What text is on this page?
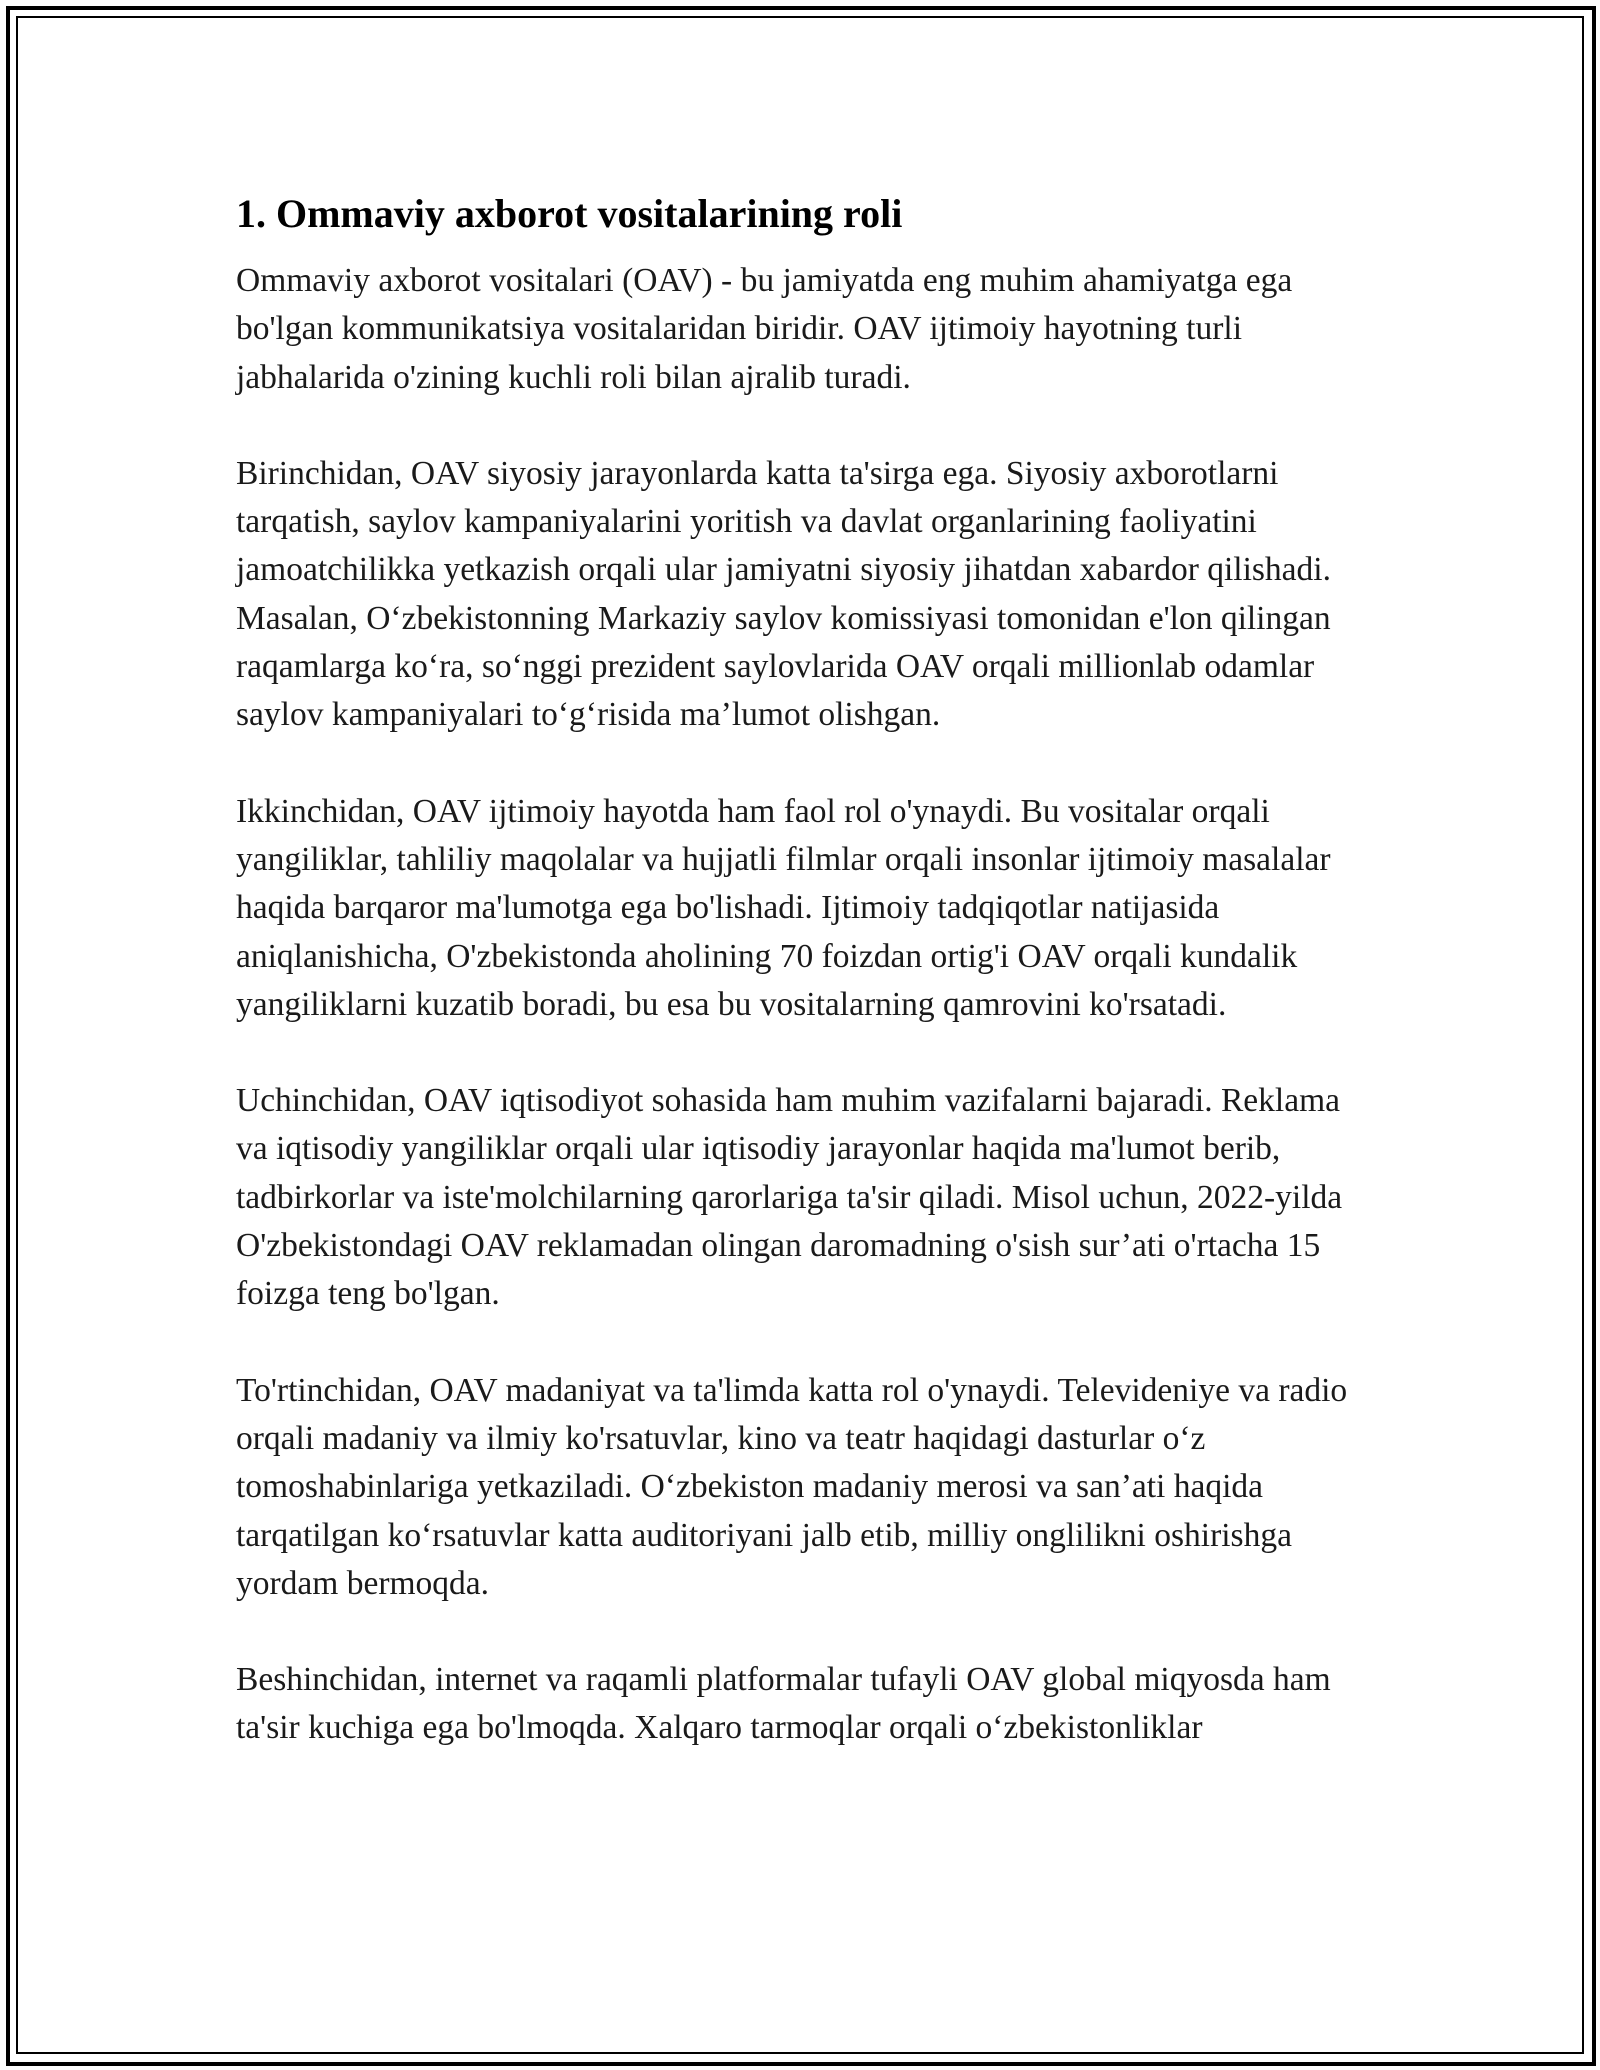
1. Ommaviy axborot vositalarining roli

Ommaviy axborot vositalari (OAV) - bu jamiyatda eng muhim ahamiyatga ega bo'lgan kommunikatsiya vositalaridan biridir. OAV ijtimoiy hayotning turli jabhalarida o'zining kuchli roli bilan ajralib turadi.

Birinchidan, OAV siyosiy jarayonlarda katta ta'sirga ega. Siyosiy axborotlarni tarqatish, saylov kampaniyalarini yoritish va davlat organlarining faoliyatini jamoatchilikka yetkazish orqali ular jamiyatni siyosiy jihatdan xabardor qilishadi. Masalan, O‘zbekistonning Markaziy saylov komissiyasi tomonidan e'lon qilingan raqamlarga ko‘ra, so‘nggi prezident saylovlarida OAV orqali millionlab odamlar saylov kampaniyalari to‘g‘risida ma’lumot olishgan.

Ikkinchidan, OAV ijtimoiy hayotda ham faol rol o'ynaydi. Bu vositalar orqali yangiliklar, tahliliy maqolalar va hujjatli filmlar orqali insonlar ijtimoiy masalalar haqida barqaror ma'lumotga ega bo'lishadi. Ijtimoiy tadqiqotlar natijasida aniqlanishicha, O'zbekistonda aholining 70 foizdan ortig'i OAV orqali kundalik yangiliklarni kuzatib boradi, bu esa bu vositalarning qamrovini ko'rsatadi.

Uchinchidan, OAV iqtisodiyot sohasida ham muhim vazifalarni bajaradi. Reklama va iqtisodiy yangiliklar orqali ular iqtisodiy jarayonlar haqida ma'lumot berib, tadbirkorlar va iste'molchilarning qarorlariga ta'sir qiladi. Misol uchun, 2022-yilda O'zbekistondagi OAV reklamadan olingan daromadning o'sish sur’ati o'rtacha 15 foizga teng bo'lgan.

To'rtinchidan, OAV madaniyat va ta'limda katta rol o'ynaydi. Televideniye va radio orqali madaniy va ilmiy ko'rsatuvlar, kino va teatr haqidagi dasturlar o‘z tomoshabinlariga yetkaziladi. O‘zbekiston madaniy merosi va san’ati haqida tarqatilgan ko‘rsatuvlar katta auditoriyani jalb etib, milliy onglilikni oshirishga yordam bermoqda.

Beshinchidan, internet va raqamli platformalar tufayli OAV global miqyosda ham ta'sir kuchiga ega bo'lmoqda. Xalqaro tarmoqlar orqali o‘zbekistonliklar
